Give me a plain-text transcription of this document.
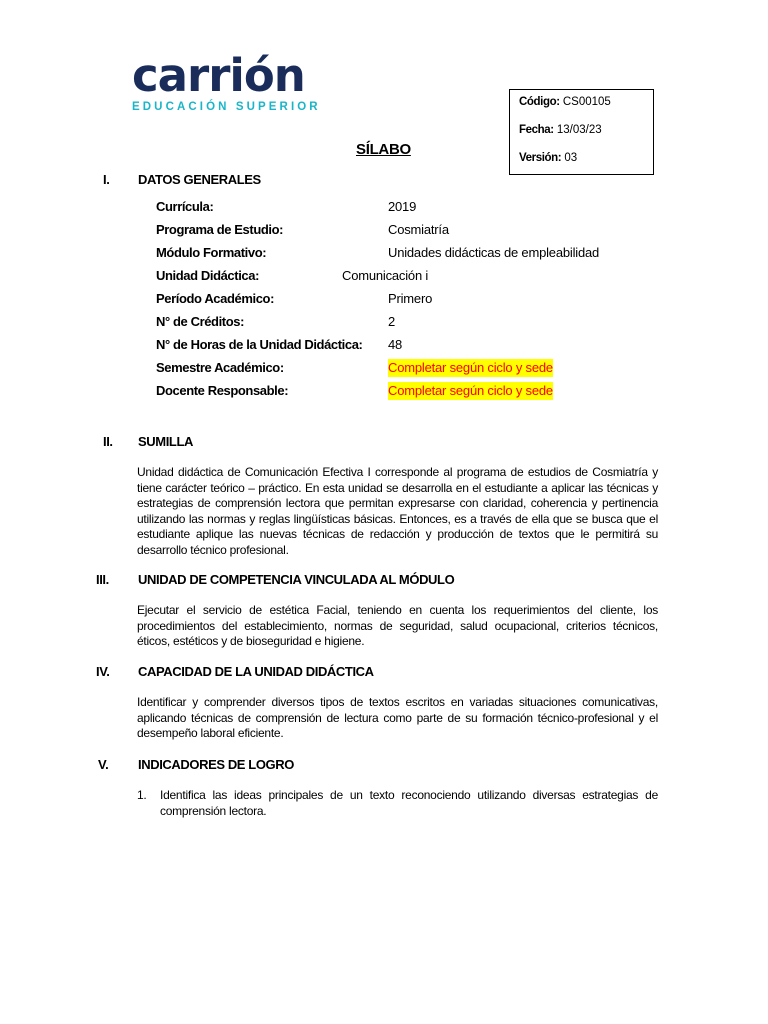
carrión
EDUCACIÓN SUPERIOR	Código: CS00105
Fecha: 13/03/23
Versión: 03
SÍLABO
I. DATOS GENERALES
Currícula:	2019
Programa de Estudio:	Cosmiatría
Módulo Formativo:	Unidades didácticas de empleabilidad
Unidad Didáctica:	Comunicación i
Período Académico:	Primero
N° de Créditos:	2
N° de Horas de la Unidad Didáctica: 48
Semestre Académico:	Completar según ciclo y sede
Docente Responsable:	Completar según ciclo y sede
II. SUMILLA
Unidad didáctica de Comunicación Efectiva I corresponde al programa de estudios de Cosmiatría y tiene carácter teórico – práctico. En esta unidad se desarrolla en el estudiante a aplicar las técnicas y estrategias de comprensión lectora que permitan expresarse con claridad, coherencia y pertinencia utilizando las normas y reglas lingüísticas básicas. Entonces, es a través de ella que se busca que el estudiante aplique las nuevas técnicas de redacción y producción de textos que le permitirá su desarrollo técnico profesional.
III. UNIDAD DE COMPETENCIA VINCULADA AL MÓDULO
Ejecutar el servicio de estética Facial, teniendo en cuenta los requerimientos del cliente, los procedimientos del establecimiento, normas de seguridad, salud ocupacional, criterios técnicos, éticos, estéticos y de bioseguridad e higiene.
IV. CAPACIDAD DE LA UNIDAD DIDÁCTICA
Identificar y comprender diversos tipos de textos escritos en variadas situaciones comunicativas, aplicando técnicas de comprensión de lectura como parte de su formación técnico-profesional y el desempeño laboral eficiente.
V. INDICADORES DE LOGRO
1. Identifica las ideas principales de un texto reconociendo utilizando diversas estrategias de comprensión lectora.
